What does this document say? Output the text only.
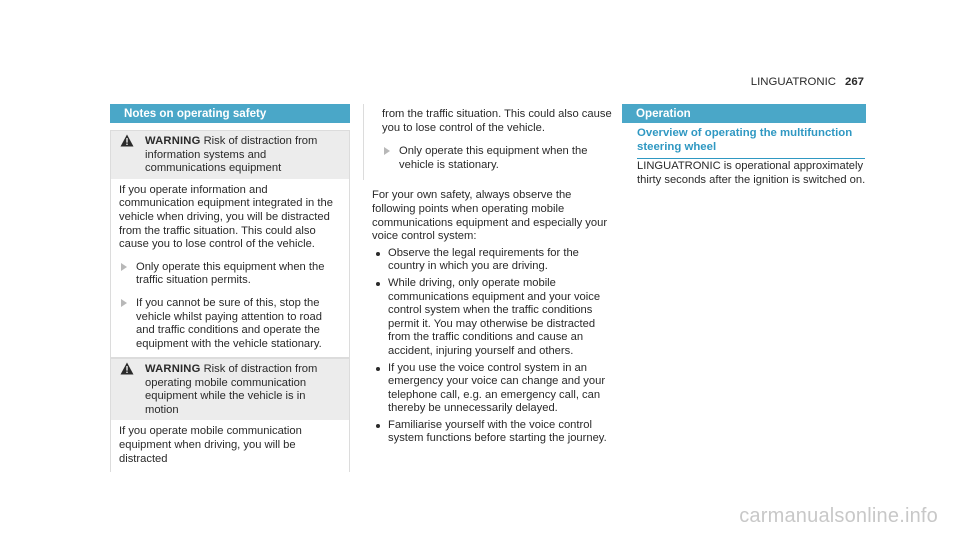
LINGUATRONIC 267
Notes on operating safety
WARNING Risk of distraction from information systems and communications equipment

If you operate information and communication equipment integrated in the vehicle when driving, you will be distracted from the traffic situation. This could also cause you to lose control of the vehicle.

Only operate this equipment when the traffic situation permits.
If you cannot be sure of this, stop the vehicle whilst paying attention to road and traffic conditions and operate the equipment with the vehicle stationary.
WARNING Risk of distraction from operating mobile communication equipment while the vehicle is in motion

If you operate mobile communication equipment when driving, you will be distracted

from the traffic situation. This could also cause you to lose control of the vehicle.

Only operate this equipment when the vehicle is stationary.

For your own safety, always observe the following points when operating mobile communications equipment and especially your voice control system:

Observe the legal requirements for the country in which you are driving.
While driving, only operate mobile communications equipment and your voice control system when the traffic conditions permit it. You may otherwise be distracted from the traffic conditions and cause an accident, injuring yourself and others.
If you use the voice control system in an emergency your voice can change and your telephone call, e.g. an emergency call, can thereby be unnecessarily delayed.
Familiarise yourself with the voice control system functions before starting the journey.
Operation
Overview of operating the multifunction steering wheel

LINGUATRONIC is operational approximately thirty seconds after the ignition is switched on.

carmanualsonline.info
